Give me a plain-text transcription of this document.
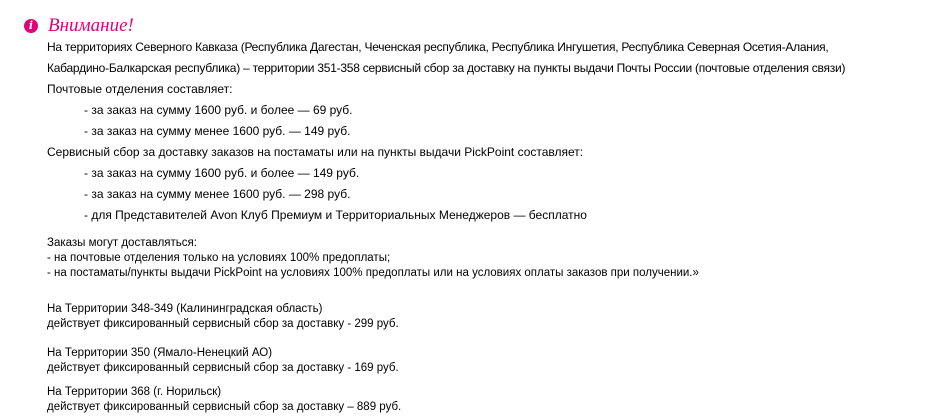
i Внимание!
На территориях Северного Кавказа (Республика Дагестан, Чеченская республика, Республика Ингушетия, Республика Северная Осетия-Алания,
Кабардино-Балкарская республика) – территории 351-358 сервисный сбор за доставку на пункты выдачи Почты России (почтовые отделения связи)
Почтовые отделения составляет:
- за заказ на сумму 1600 руб. и более — 69 руб.
- за заказ на сумму менее 1600 руб. — 149 руб.
Сервисный сбор за доставку заказов на постаматы или на пункты выдачи PickPoint составляет:
- за заказ на сумму 1600 руб. и более — 149 руб.
- за заказ на сумму менее 1600 руб. — 298 руб.
- для Представителей Avon Клуб Премиум и Территориальных Менеджеров — бесплатно
Заказы могут доставляться:
- на почтовые отделения только на условиях 100% предоплаты;
- на постаматы/пункты выдачи PickPoint на условиях 100% предоплаты или на условиях оплаты заказов при получении.»
На Территории 348-349 (Калининградская область)
действует фиксированный сервисный сбор за доставку - 299 руб.
На Территории 350 (Ямало-Ненецкий АО)
действует фиксированный сервисный сбор за доставку - 169 руб.
На Территории 368 (г. Норильск)
действует фиксированный сервисный сбор за доставку – 889 руб.
